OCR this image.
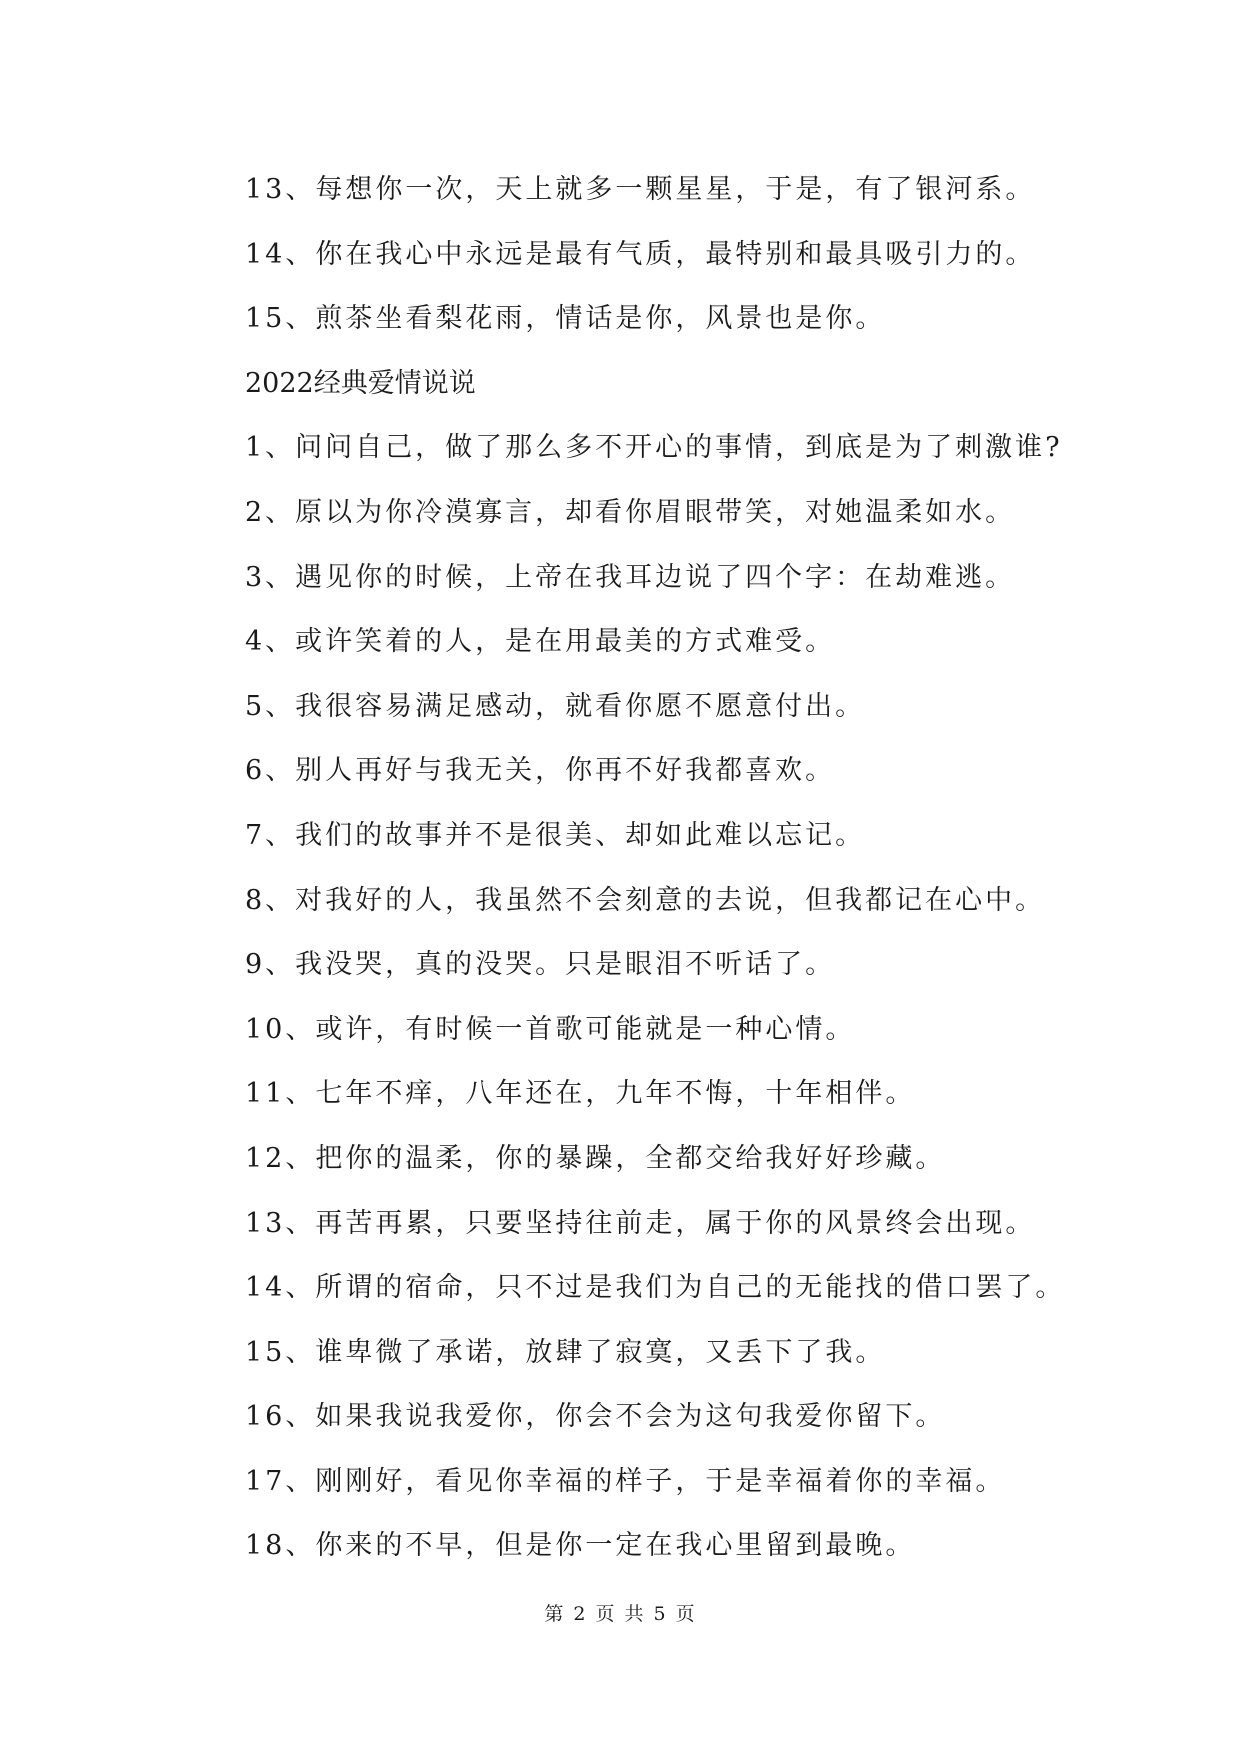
13、每想你一次，天上就多一颗星星，于是，有了银河系。
14、你在我心中永远是最有气质，最特别和最具吸引力的。
15、煎茶坐看梨花雨，情话是你，风景也是你。
2022经典爱情说说
1、问问自己，做了那么多不开心的事情，到底是为了刺激谁?
2、原以为你冷漠寡言，却看你眉眼带笑，对她温柔如水。
3、遇见你的时候，上帝在我耳边说了四个字：在劫难逃。
4、或许笑着的人，是在用最美的方式难受。
5、我很容易满足感动，就看你愿不愿意付出。
6、别人再好与我无关，你再不好我都喜欢。
7、我们的故事并不是很美、却如此难以忘记。
8、对我好的人，我虽然不会刻意的去说，但我都记在心中。
9、我没哭，真的没哭。只是眼泪不听话了。
10、或许，有时候一首歌可能就是一种心情。
11、七年不痒，八年还在，九年不悔，十年相伴。
12、把你的温柔，你的暴躁，全都交给我好好珍藏。
13、再苦再累，只要坚持往前走，属于你的风景终会出现。
14、所谓的宿命，只不过是我们为自己的无能找的借口罢了。
15、谁卑微了承诺，放肆了寂寞，又丢下了我。
16、如果我说我爱你，你会不会为这句我爱你留下。
17、刚刚好，看见你幸福的样子，于是幸福着你的幸福。
18、你来的不早，但是你一定在我心里留到最晚。
第 2 页 共 5 页
